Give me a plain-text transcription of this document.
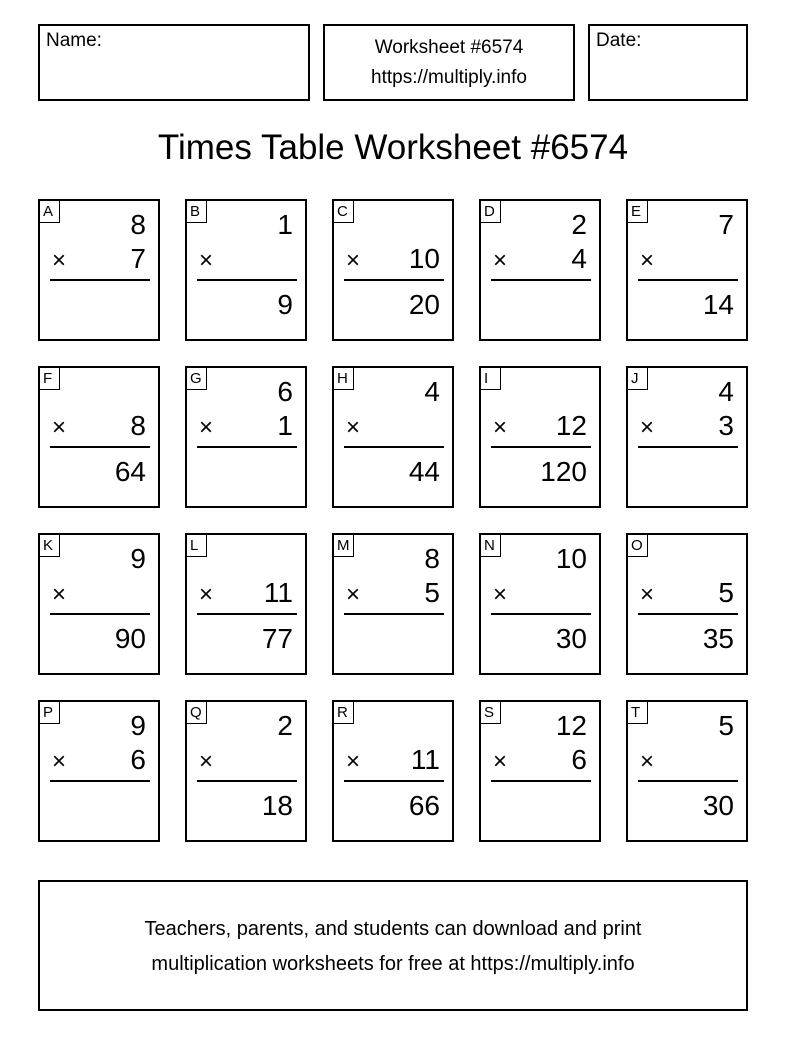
Name:	Worksheet #6574
https://multiply.info
Date:
Times Table Worksheet #6574
A	8
× 7
B	1
×
9
C
× 10
20
D	2
× 4
E	7
×
14
F
× 8
64
G	6
× 1
H	4
×
44
I
× 12
120
J	4
× 3
K	9
×
90
L
× 11
77
M	8
× 5
N 10
×
30
O
× 5
35
P	9
× 6
Q	2
×
18
R
× 11
66
S 12
× 6
T	5
×
30
Teachers, parents, and students can download and print
multiplication worksheets for free at https://multiply.info
